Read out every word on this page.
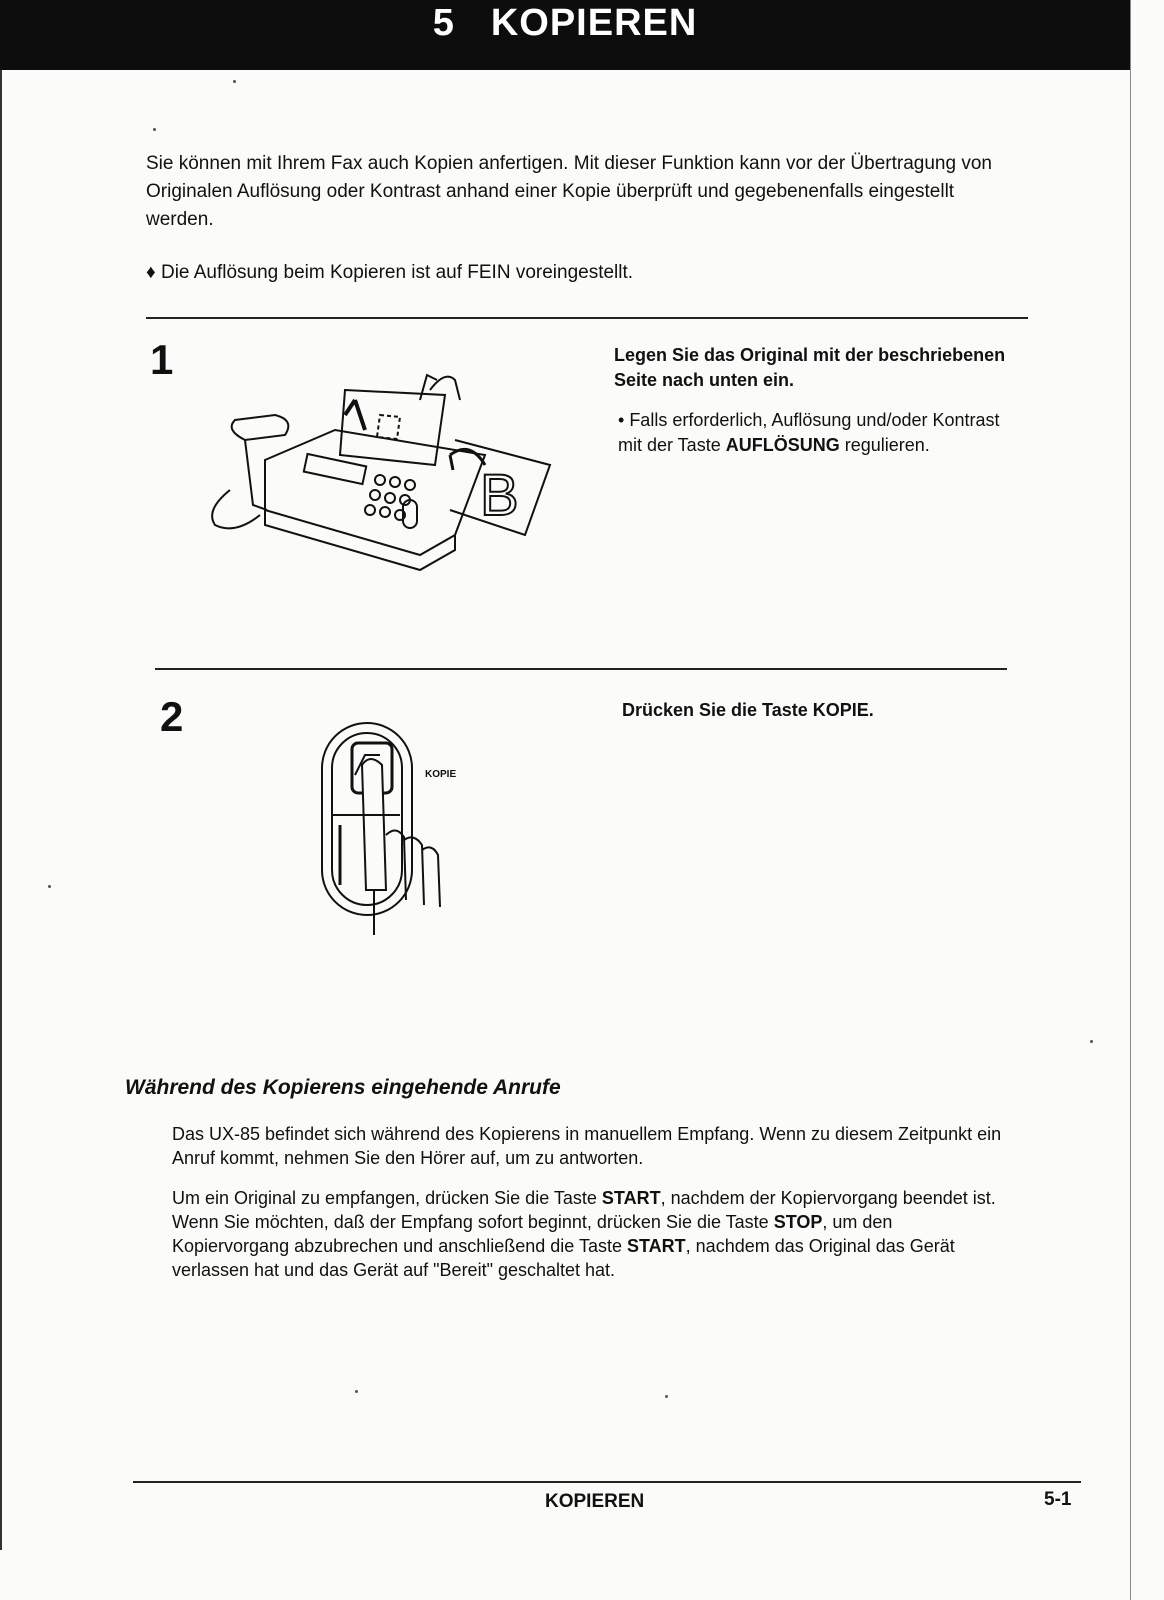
5 KOPIEREN
Sie können mit Ihrem Fax auch Kopien anfertigen. Mit dieser Funktion kann vor der Übertragung von Originalen Auflösung oder Kontrast anhand einer Kopie überprüft und gegebenenfalls eingestellt werden.
♦ Die Auflösung beim Kopieren ist auf FEIN voreingestellt.
1	Legen Sie das Original mit der beschriebenen Seite nach unten ein.
• Falls erforderlich, Auflösung und/oder Kontrast mit der Taste AUFLÖSUNG regulieren.
B
2	Drücken Sie die Taste KOPIE.
KOPIE
Während des Kopierens eingehende Anrufe
Das UX-85 befindet sich während des Kopierens in manuellem Empfang. Wenn zu diesem Zeitpunkt ein Anruf kommt, nehmen Sie den Hörer auf, um zu antworten.
Um ein Original zu empfangen, drücken Sie die Taste START, nachdem der Kopiervorgang beendet ist. Wenn Sie möchten, daß der Empfang sofort beginnt, drücken Sie die Taste STOP, um den Kopiervorgang abzubrechen und anschließend die Taste START, nachdem das Original das Gerät verlassen hat und das Gerät auf "Bereit" geschaltet hat.
KOPIEREN	5-1
